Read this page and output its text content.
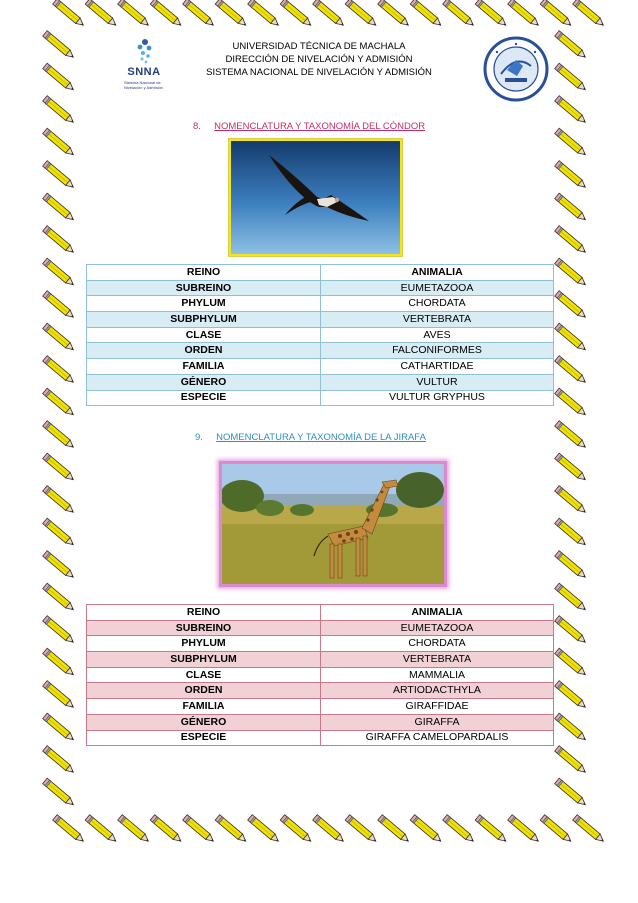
UNIVERSIDAD TÉCNICA DE MACHALA
DIRECCIÓN DE NIVELACIÓN Y ADMISIÓN
SISTEMA NACIONAL DE NIVELACIÓN Y ADMISIÓN
SNNA
Sistema Nacional de Nivelación y Admisión
8. NOMENCLATURA Y TAXONOMÍA DEL CÓNDOR
REINO	ANIMALIA
SUBREINO	EUMETAZOOA
PHYLUM	CHORDATA
SUBPHYLUM	VERTEBRATA
CLASE	AVES
ORDEN	FALCONIFORMES
FAMILIA	CATHARTIDAE
GÉNERO	VULTUR
ESPECIE	VULTUR GRYPHUS
9. NOMENCLATURA Y TAXONOMÍA DE LA JIRAFA
REINO	ANIMALIA
SUBREINO	EUMETAZOOA
PHYLUM	CHORDATA
SUBPHYLUM	VERTEBRATA
CLASE	MAMMALIA
ORDEN	ARTIODACTHYLA
FAMILIA	GIRAFFIDAE
GÉNERO	GIRAFFA
ESPECIE	GIRAFFA CAMELOPARDALIS
